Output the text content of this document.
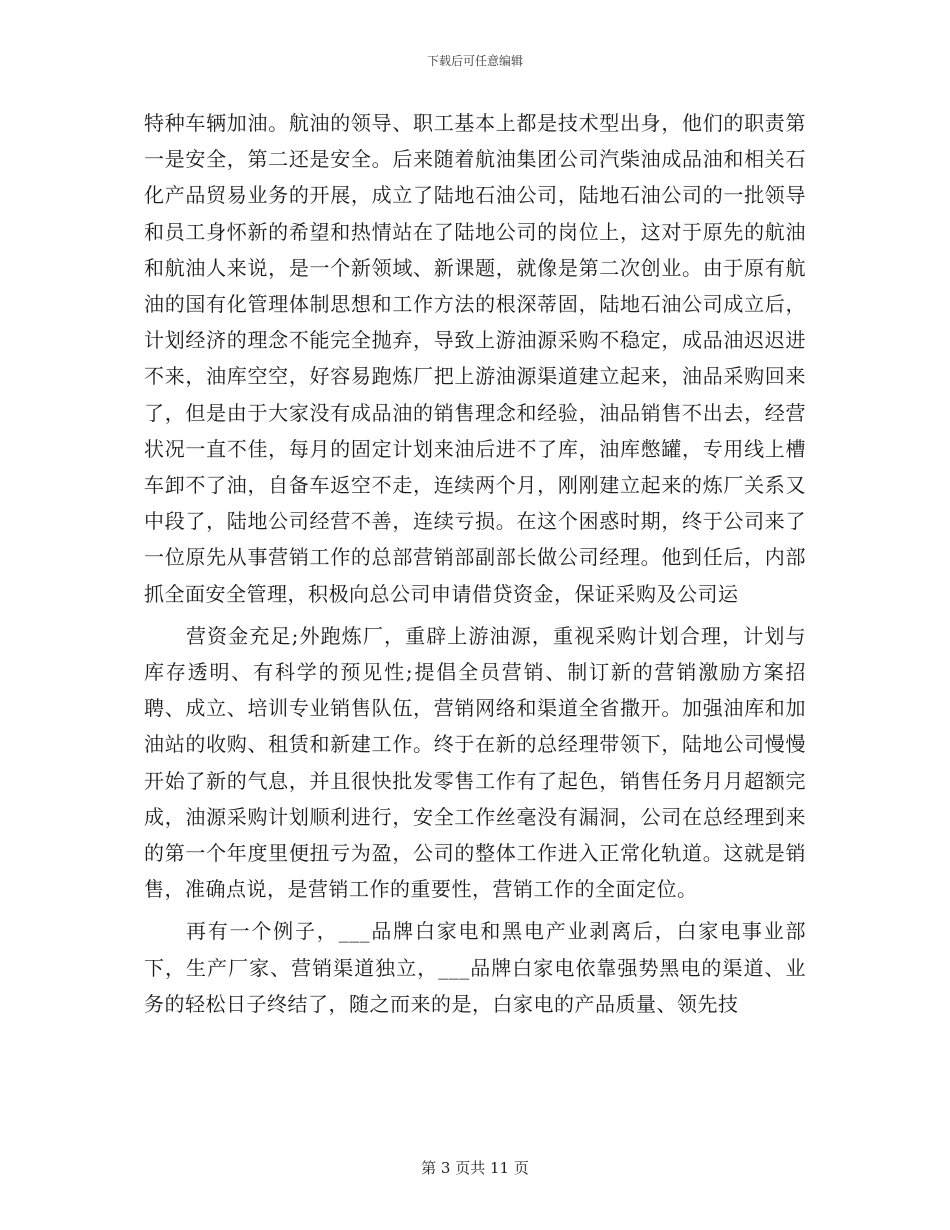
下载后可任意编辑

特种车辆加油。航油的领导、职工基本上都是技术型出身，他们的职责第一是安全，第二还是安全。后来随着航油集团公司汽柴油成品油和相关石化产品贸易业务的开展，成立了陆地石油公司，陆地石油公司的一批领导和员工身怀新的希望和热情站在了陆地公司的岗位上，这对于原先的航油和航油人来说，是一个新领域、新课题，就像是第二次创业。由于原有航油的国有化管理体制思想和工作方法的根深蒂固，陆地石油公司成立后，计划经济的理念不能完全抛弃，导致上游油源采购不稳定，成品油迟迟进不来，油库空空，好容易跑炼厂把上游油源渠道建立起来，油品采购回来了，但是由于大家没有成品油的销售理念和经验，油品销售不出去，经营状况一直不佳，每月的固定计划来油后进不了库，油库憋罐，专用线上槽车卸不了油，自备车返空不走，连续两个月，刚刚建立起来的炼厂关系又中段了，陆地公司经营不善，连续亏损。在这个困惑时期，终于公司来了一位原先从事营销工作的总部营销部副部长做公司经理。他到任后，内部抓全面安全管理，积极向总公司申请借贷资金，保证采购及公司运

营资金充足;外跑炼厂，重辟上游油源，重视采购计划合理，计划与库存透明、有科学的预见性;提倡全员营销、制订新的营销激励方案招聘、成立、培训专业销售队伍，营销网络和渠道全省撒开。加强油库和加油站的收购、租赁和新建工作。终于在新的总经理带领下，陆地公司慢慢开始了新的气息，并且很快批发零售工作有了起色，销售任务月月超额完成，油源采购计划顺利进行，安全工作丝毫没有漏洞，公司在总经理到来的第一个年度里便扭亏为盈，公司的整体工作进入正常化轨道。这就是销售，准确点说，是营销工作的重要性，营销工作的全面定位。

再有一个例子，___品牌白家电和黑电产业剥离后，白家电事业部下，生产厂家、营销渠道独立，___品牌白家电依靠强势黑电的渠道、业务的轻松日子终结了，随之而来的是，白家电的产品质量、领先技

第 3 页共 11 页
